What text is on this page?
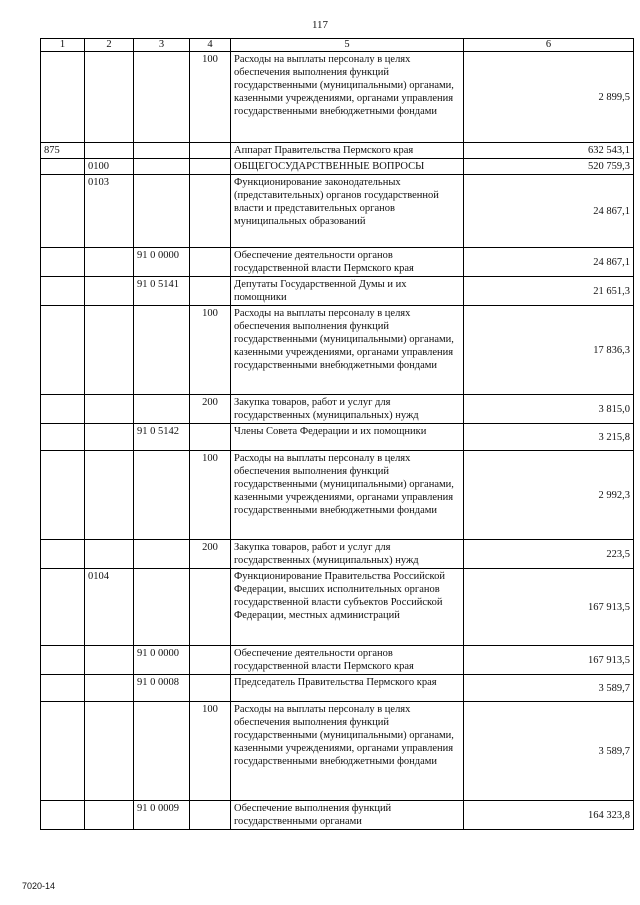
117
1	2	3	4	5	6
			100	Расходы на выплаты персоналу в целях обеспечения выполнения функций государственными (муниципальными) органами, казенными учреждениями, органами управления государственными внебюджетными фондами	2 899,5
875				Аппарат Правительства Пермского края	632 543,1
	0100			ОБЩЕГОСУДАРСТВЕННЫЕ ВОПРОСЫ	520 759,3
	0103			Функционирование законодательных (представительных) органов государственной власти и представительных органов муниципальных образований	24 867,1
		91 0 0000		Обеспечение деятельности органов государственной власти Пермского края	24 867,1
		91 0 5141		Депутаты Государственной Думы и их помощники	21 651,3
			100	Расходы на выплаты персоналу в целях обеспечения выполнения функций государственными (муниципальными) органами, казенными учреждениями, органами управления государственными внебюджетными фондами	17 836,3
			200	Закупка товаров, работ и услуг для государственных (муниципальных) нужд	3 815,0
		91 0 5142		Члены Совета Федерации и их помощники	3 215,8
			100	Расходы на выплаты персоналу в целях обеспечения выполнения функций государственными (муниципальными) органами, казенными учреждениями, органами управления государственными внебюджетными фондами	2 992,3
			200	Закупка товаров, работ и услуг для государственных (муниципальных) нужд	223,5
	0104			Функционирование Правительства Российской Федерации, высших исполнительных органов государственной власти субъектов Российской Федерации, местных администраций	167 913,5
		91 0 0000		Обеспечение деятельности органов государственной власти Пермского края	167 913,5
		91 0 0008		Председатель Правительства Пермского края	3 589,7
			100	Расходы на выплаты персоналу в целях обеспечения выполнения функций государственными (муниципальными) органами, казенными учреждениями, органами управления государственными внебюджетными фондами	3 589,7
		91 0 0009		Обеспечение выполнения функций государственными органами	164 323,8
7020-14
